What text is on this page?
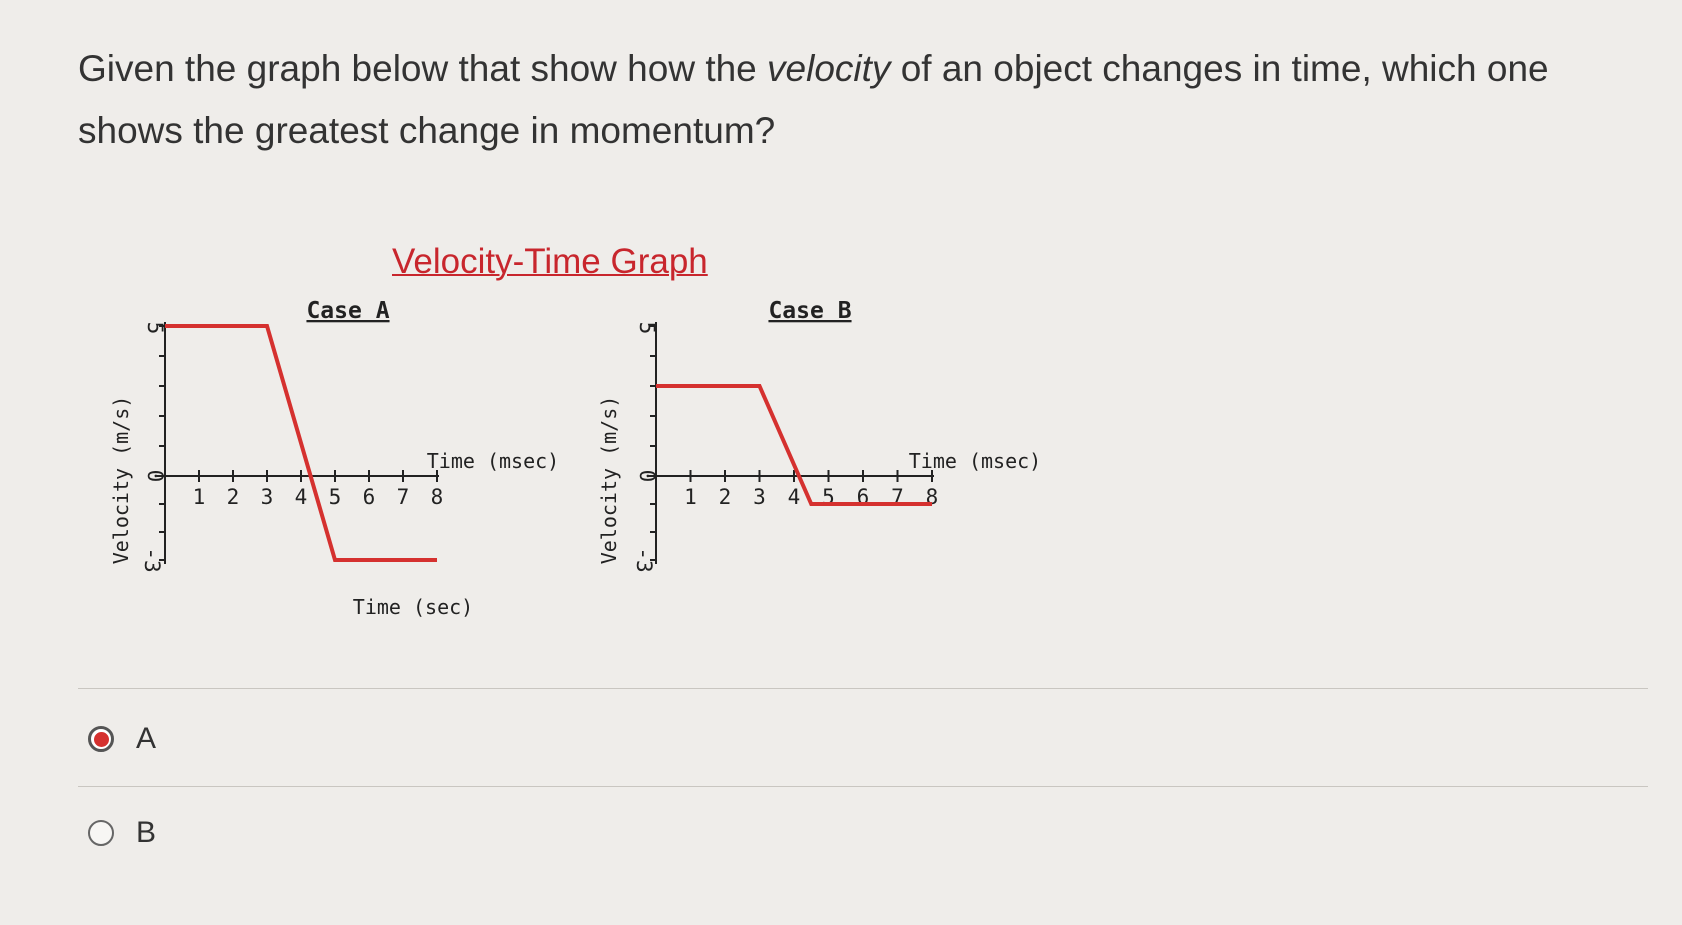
Given the graph below that show how the velocity of an object changes in time, which one shows the greatest change in momentum?
Velocity-Time Graph
1 2 3 4 5 6 7 8
5
0
-3
Velocity (m/s)
Case A
Time (msec)
Time (sec)
1 2 3 4 5 6 7 8
5
0
-3
Velocity (m/s)
Case B
Time (msec)
A
B
